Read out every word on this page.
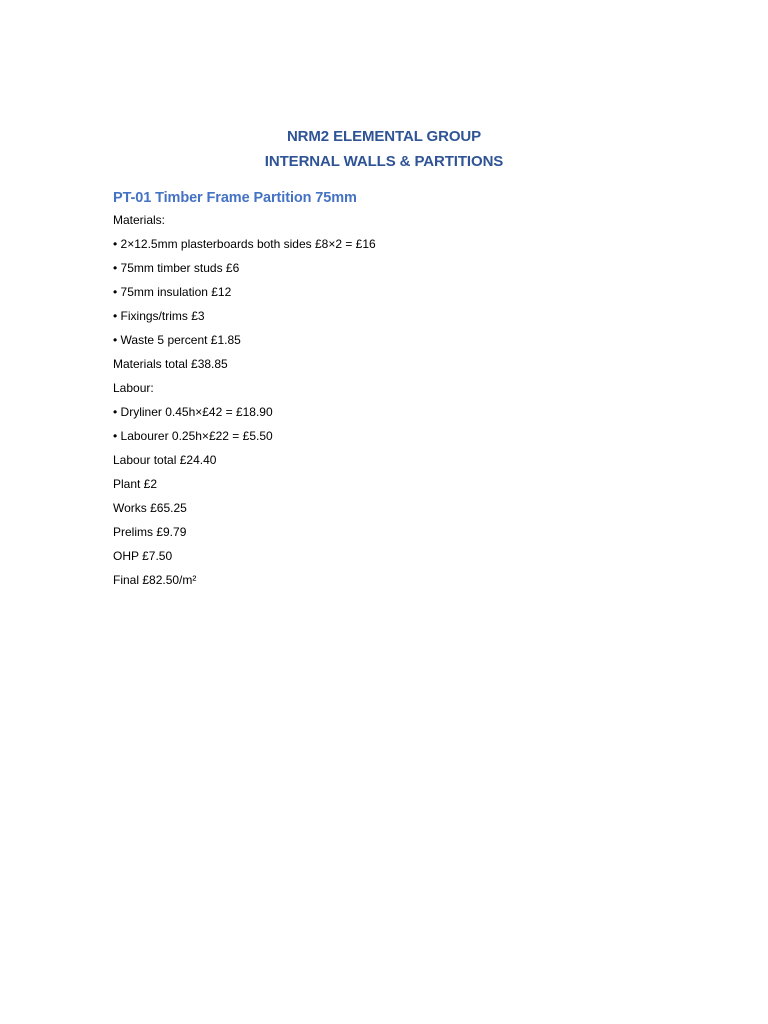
NRM2 ELEMENTAL GROUP
INTERNAL WALLS & PARTITIONS
PT-01 Timber Frame Partition 75mm
Materials:
• 2×12.5mm plasterboards both sides £8×2 = £16
• 75mm timber studs £6
• 75mm insulation £12
• Fixings/trims £3
• Waste 5 percent £1.85
Materials total £38.85
Labour:
• Dryliner 0.45h×£42 = £18.90
• Labourer 0.25h×£22 = £5.50
Labour total £24.40
Plant £2
Works £65.25
Prelims £9.79
OHP £7.50
Final £82.50/m²
